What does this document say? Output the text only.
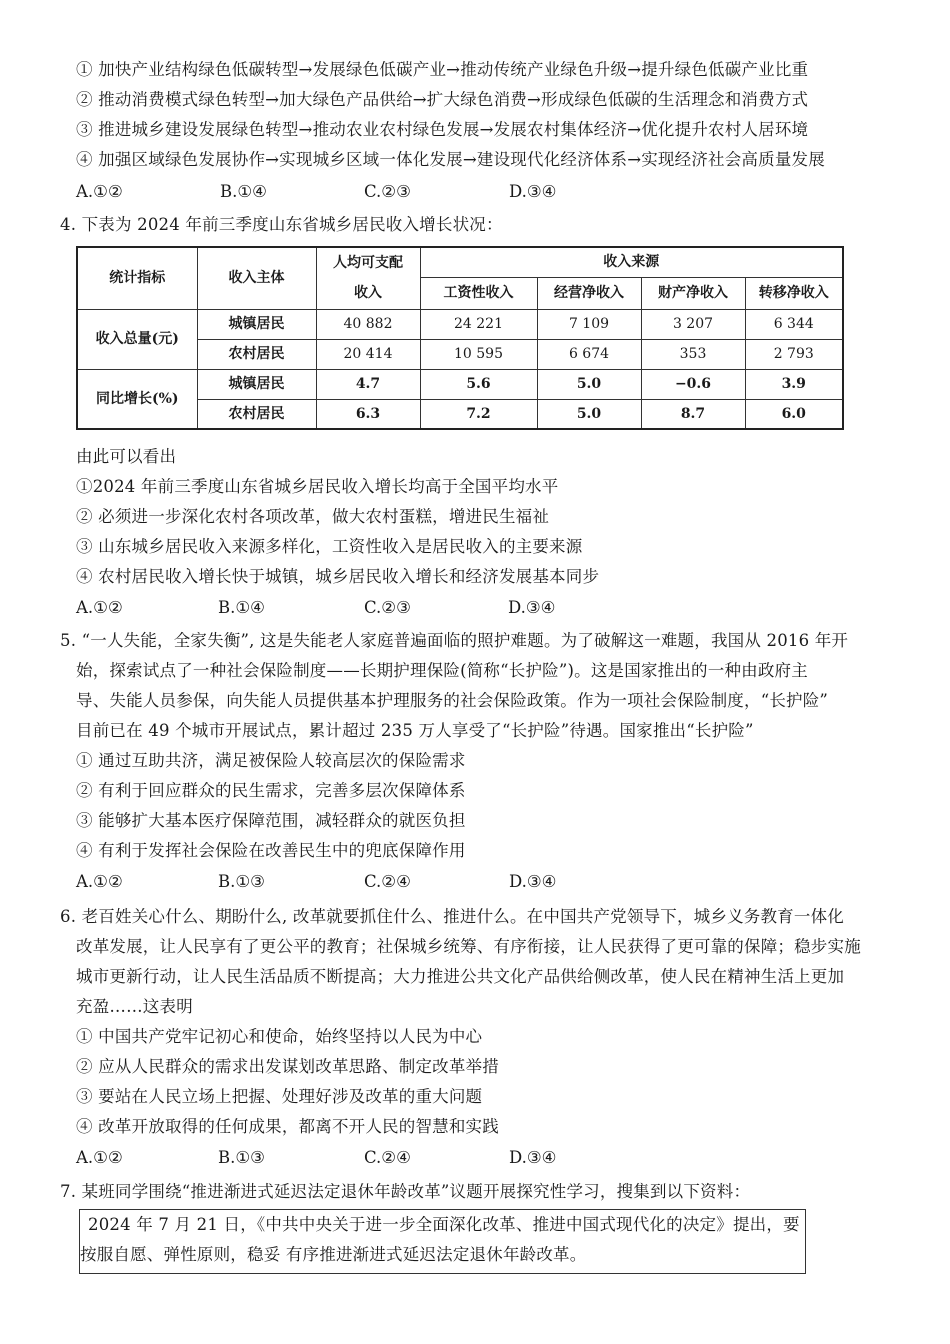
① 加快产业结构绿色低碳转型→发展绿色低碳产业→推动传统产业绿色升级→提升绿色低碳产业比重
② 推动消费模式绿色转型→加大绿色产品供给→扩大绿色消费→形成绿色低碳的生活理念和消费方式
③ 推进城乡建设发展绿色转型→推动农业农村绿色发展→发展农村集体经济→优化提升农村人居环境
④ 加强区域绿色发展协作→实现城乡区域一体化发展→建设现代化经济体系→实现经济社会高质量发展
A.①②	B.①④	C.②③	D.③④
4. 下表为 2024 年前三季度山东省城乡居民收入增长状况：
统计指标	收入主体	人均可支配	收入来源			
		收入	工资性收入	经营净收入	财产净收入	转移净收入
收入总量(元)	城镇居民	40 882	24 221	7 109	3 207	6 344
	农村居民	20 414	10 595	6 674	353	2 793
同比增长(%)	城镇居民	4.7	5.6	5.0	−0.6	3.9
	农村居民	6.3	7.2	5.0	8.7	6.0
由此可以看出
①2024 年前三季度山东省城乡居民收入增长均高于全国平均水平
② 必须进一步深化农村各项改革，做大农村蛋糕，增进民生福祉
③ 山东城乡居民收入来源多样化，工资性收入是居民收入的主要来源
④ 农村居民收入增长快于城镇，城乡居民收入增长和经济发展基本同步
A.①②	B.①④	C.②③	D.③④
5. “一人失能，全家失衡”, 这是失能老人家庭普遍面临的照护难题。为了破解这一难题，我国从 2016 年开
始，探索试点了一种社会保险制度——长期护理保险(简称“长护险”)。这是国家推出的一种由政府主
导、失能人员参保，向失能人员提供基本护理服务的社会保险政策。作为一项社会保险制度，“长护险”
目前已在 49 个城市开展试点，累计超过 235 万人享受了“长护险”待遇。国家推出“长护险”
① 通过互助共济，满足被保险人较高层次的保险需求
② 有利于回应群众的民生需求，完善多层次保障体系
③ 能够扩大基本医疗保障范围，减轻群众的就医负担
④ 有利于发挥社会保险在改善民生中的兜底保障作用
A.①②	B.①③	C.②④	D.③④
6. 老百姓关心什么、期盼什么, 改革就要抓住什么、推进什么。在中国共产党领导下，城乡义务教育一体化
改革发展，让人民享有了更公平的教育；社保城乡统筹、有序衔接，让人民获得了更可靠的保障；稳步实施
城市更新行动，让人民生活品质不断提高；大力推进公共文化产品供给侧改革，使人民在精神生活上更加
充盈……这表明
① 中国共产党牢记初心和使命，始终坚持以人民为中心
② 应从人民群众的需求出发谋划改革思路、制定改革举措
③ 要站在人民立场上把握、处理好涉及改革的重大问题
④ 改革开放取得的任何成果，都离不开人民的智慧和实践
A.①②	B.①③	C.②④	D.③④
7. 某班同学围绕“推进渐进式延迟法定退休年龄改革”议题开展探究性学习，搜集到以下资料：
2024 年 7 月 21 日，《中共中央关于进一步全面深化改革、推进中国式现代化的决定》提出，要
按服自愿、弹性原则，稳妥 有序推进渐进式延迟法定退休年龄改革。
